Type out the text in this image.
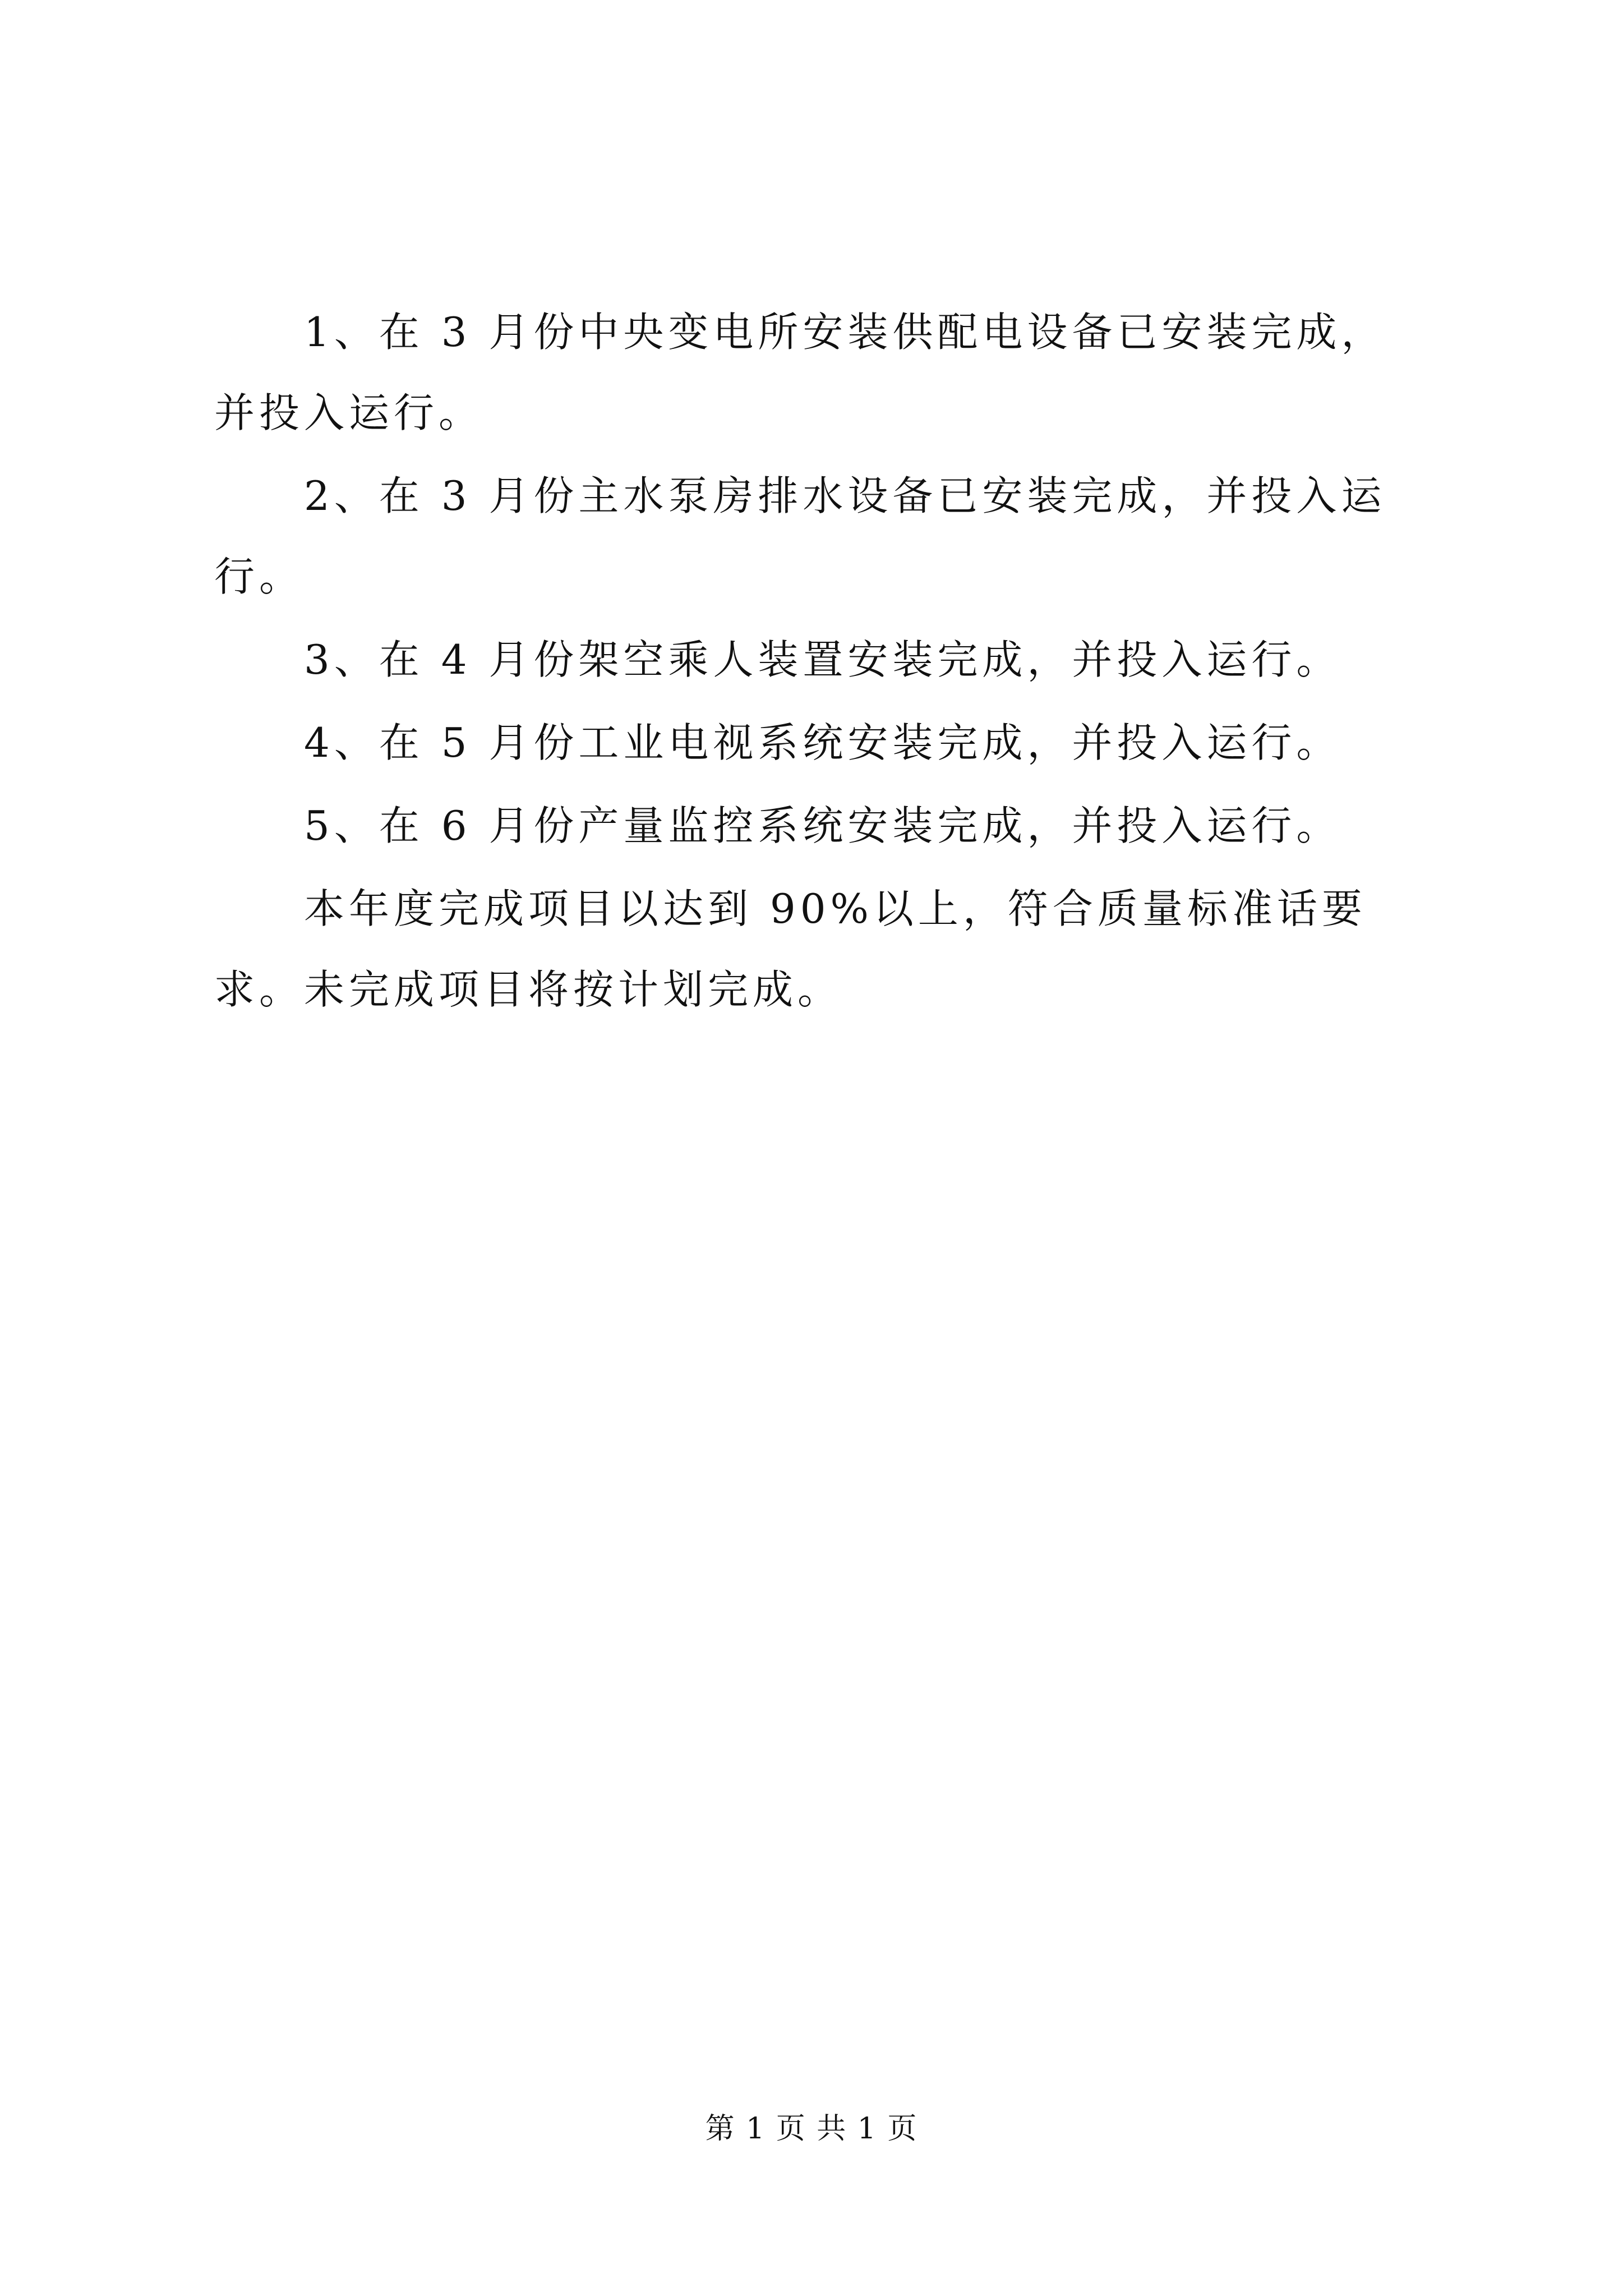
1、在 3 月份中央变电所安装供配电设备已安装完成，并投入运行。

2、在 3 月份主水泵房排水设备已安装完成，并投入运行。

3、在 4 月份架空乘人装置安装完成，并投入运行。

4、在 5 月份工业电视系统安装完成，并投入运行。

5、在 6 月份产量监控系统安装完成，并投入运行。

本年度完成项目以达到 90%以上，符合质量标准话要求。未完成项目将按计划完成。

第 1 页 共 1 页
